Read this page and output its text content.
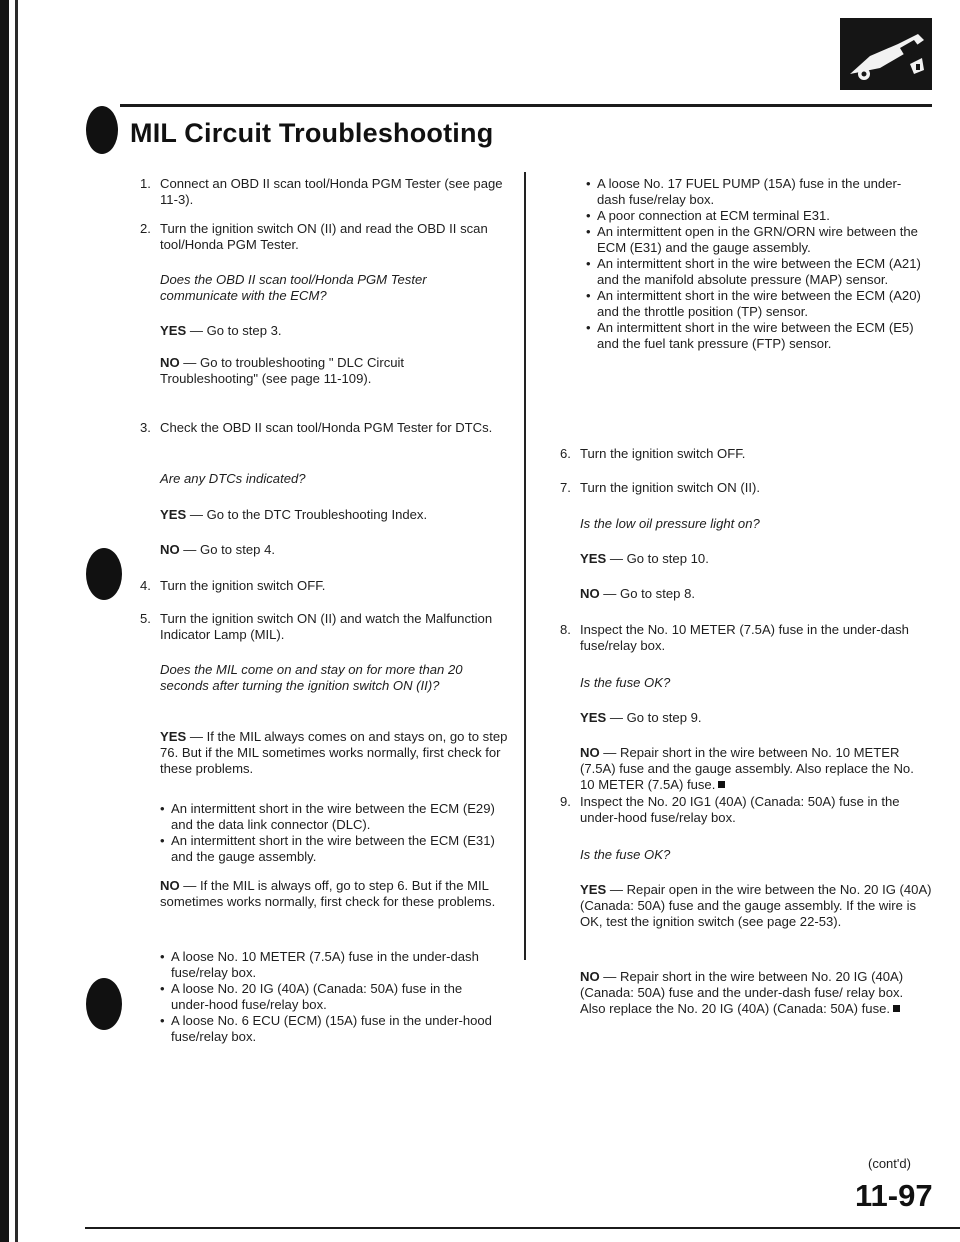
MIL Circuit Troubleshooting
1. Connect an OBD II scan tool/Honda PGM Tester (see page 11-3).

2. Turn the ignition switch ON (II) and read the OBD II scan tool/Honda PGM Tester.

Does the OBD II scan tool/Honda PGM Tester communicate with the ECM?

YES — Go to step 3.

NO — Go to troubleshooting " DLC Circuit Troubleshooting" (see page 11-109).

3. Check the OBD II scan tool/Honda PGM Tester for DTCs.

Are any DTCs indicated?

YES — Go to the DTC Troubleshooting Index.

NO — Go to step 4.

4. Turn the ignition switch OFF.

5. Turn the ignition switch ON (II) and watch the Malfunction Indicator Lamp (MIL).

Does the MIL come on and stay on for more than 20 seconds after turning the ignition switch ON (II)?

YES — If the MIL always comes on and stays on, go to step 76. But if the MIL sometimes works normally, first check for these problems.

• An intermittent short in the wire between the ECM (E29) and the data link connector (DLC).
• An intermittent short in the wire between the ECM (E31) and the gauge assembly.

NO — If the MIL is always off, go to step 6. But if the MIL sometimes works normally, first check for these problems.

• A loose No. 10 METER (7.5A) fuse in the under-dash fuse/relay box.
• A loose No. 20 IG (40A) (Canada: 50A) fuse in the under-hood fuse/relay box.
• A loose No. 6 ECU (ECM) (15A) fuse in the under-hood fuse/relay box.
• A loose No. 17 FUEL PUMP (15A) fuse in the under-dash fuse/relay box.
• A poor connection at ECM terminal E31.
• An intermittent open in the GRN/ORN wire between the ECM (E31) and the gauge assembly.
• An intermittent short in the wire between the ECM (A21) and the manifold absolute pressure (MAP) sensor.
• An intermittent short in the wire between the ECM (A20) and the throttle position (TP) sensor.
• An intermittent short in the wire between the ECM (E5) and the fuel tank pressure (FTP) sensor.
6. Turn the ignition switch OFF.

7. Turn the ignition switch ON (II).

Is the low oil pressure light on?

YES — Go to step 10.

NO — Go to step 8.

8. Inspect the No. 10 METER (7.5A) fuse in the under-dash fuse/relay box.

Is the fuse OK?

YES — Go to step 9.

NO — Repair short in the wire between No. 10 METER (7.5A) fuse and the gauge assembly. Also replace the No. 10 METER (7.5A) fuse.

9. Inspect the No. 20 IG1 (40A) (Canada: 50A) fuse in the under-hood fuse/relay box.

Is the fuse OK?

YES — Repair open in the wire between the No. 20 IG (40A) (Canada: 50A) fuse and the gauge assembly. If the wire is OK, test the ignition switch (see page 22-53).

NO — Repair short in the wire between No. 20 IG (40A) (Canada: 50A) fuse and the under-dash fuse/ relay box. Also replace the No. 20 IG (40A) (Canada: 50A) fuse.

(cont'd)
11-97
